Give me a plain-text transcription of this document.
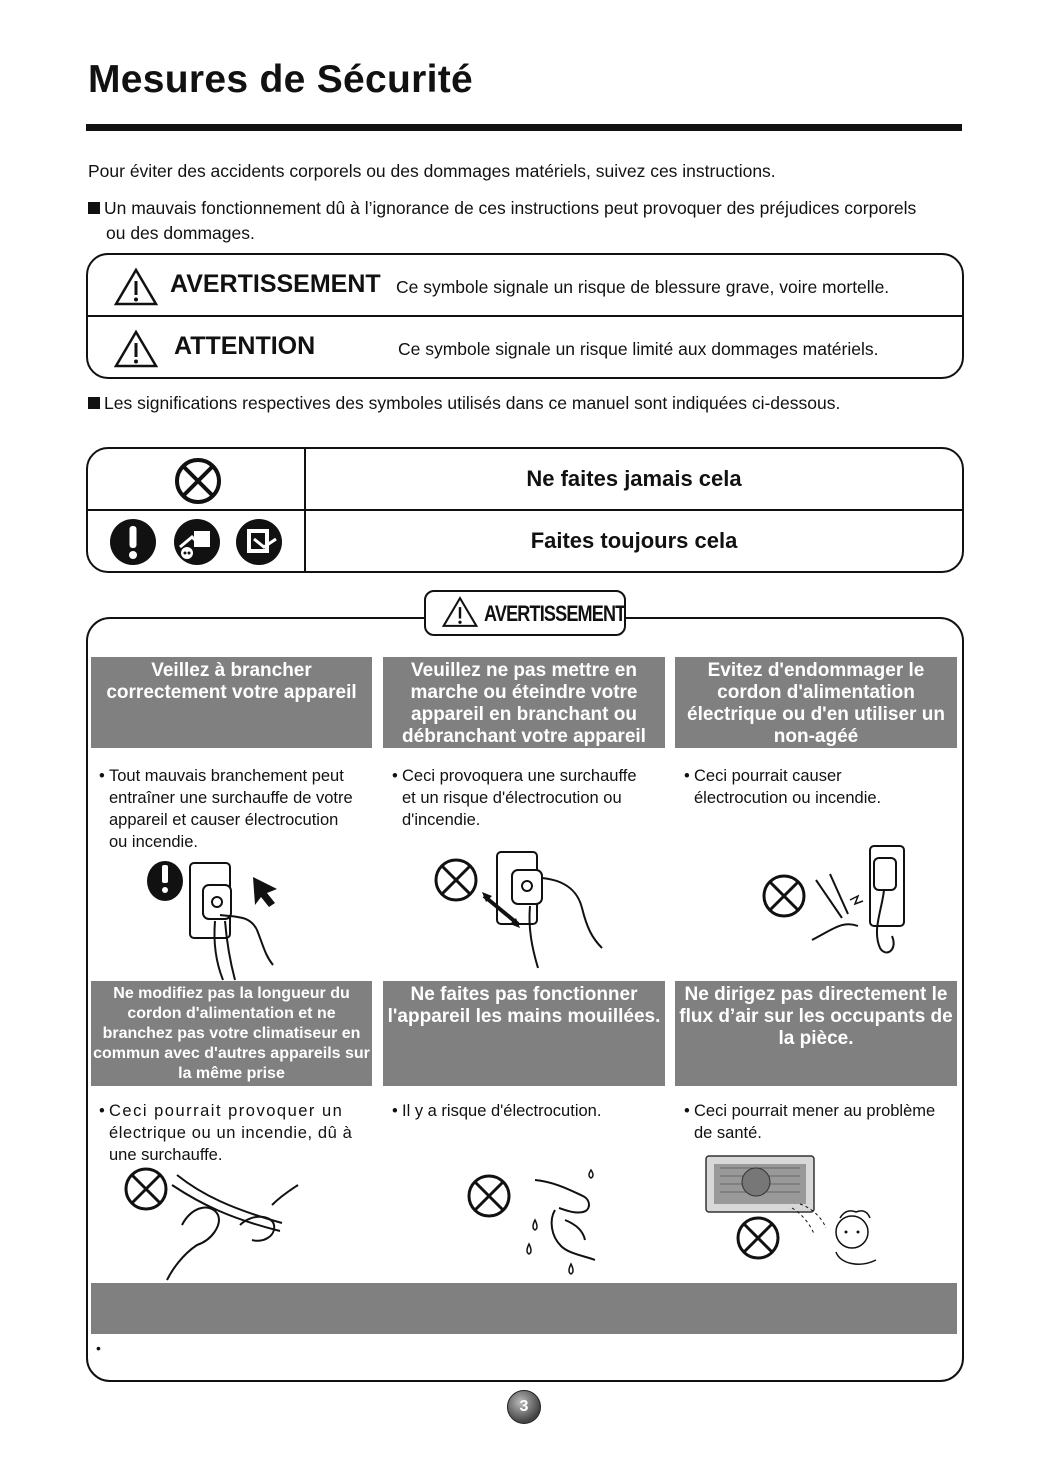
Mesures de Sécurité
Pour éviter des accidents corporels ou des dommages matériels, suivez ces instructions.
Un mauvais fonctionnement dû à l’ignorance de ces instructions peut provoquer des préjudices corporels
ou des dommages.
AVERTISSEMENT Ce symbole signale un risque de blessure grave, voire mortelle.
ATTENTION	Ce symbole signale un risque limité aux dommages matériels.
Les significations respectives des symboles utilisés dans ce manuel sont indiquées ci-dessous.
Ne faites jamais cela
Faites toujours cela
AVERTISSEMENT
Veillez à brancher correctement votre appareil
Veuillez ne pas mettre en marche ou éteindre votre appareil en branchant ou débranchant votre appareil
Evitez d'endommager le cordon d'alimentation électrique ou d'en utiliser un non-agéé
• Tout mauvais branchement peut
entraîner une surchauffe de votre
appareil et causer électrocution
ou incendie.
• Ceci provoquera une surchauffe
et un risque d'électrocution ou
d'incendie.
• Ceci pourrait causer
électrocution ou incendie.
Ne modifiez pas la longueur du cordon d'alimentation et ne branchez pas votre climatiseur en commun avec d'autres appareils sur la même prise
Ne faites pas fonctionner l'appareil les mains mouillées.
Ne dirigez pas directement le flux d’air sur les occupants de la pièce.
• Ceci pourrait provoquer un
électrique ou un incendie, dû à
une surchauffe.
• Il y a risque d'électrocution.	• Ceci pourrait mener au problème
de santé.
•
3
